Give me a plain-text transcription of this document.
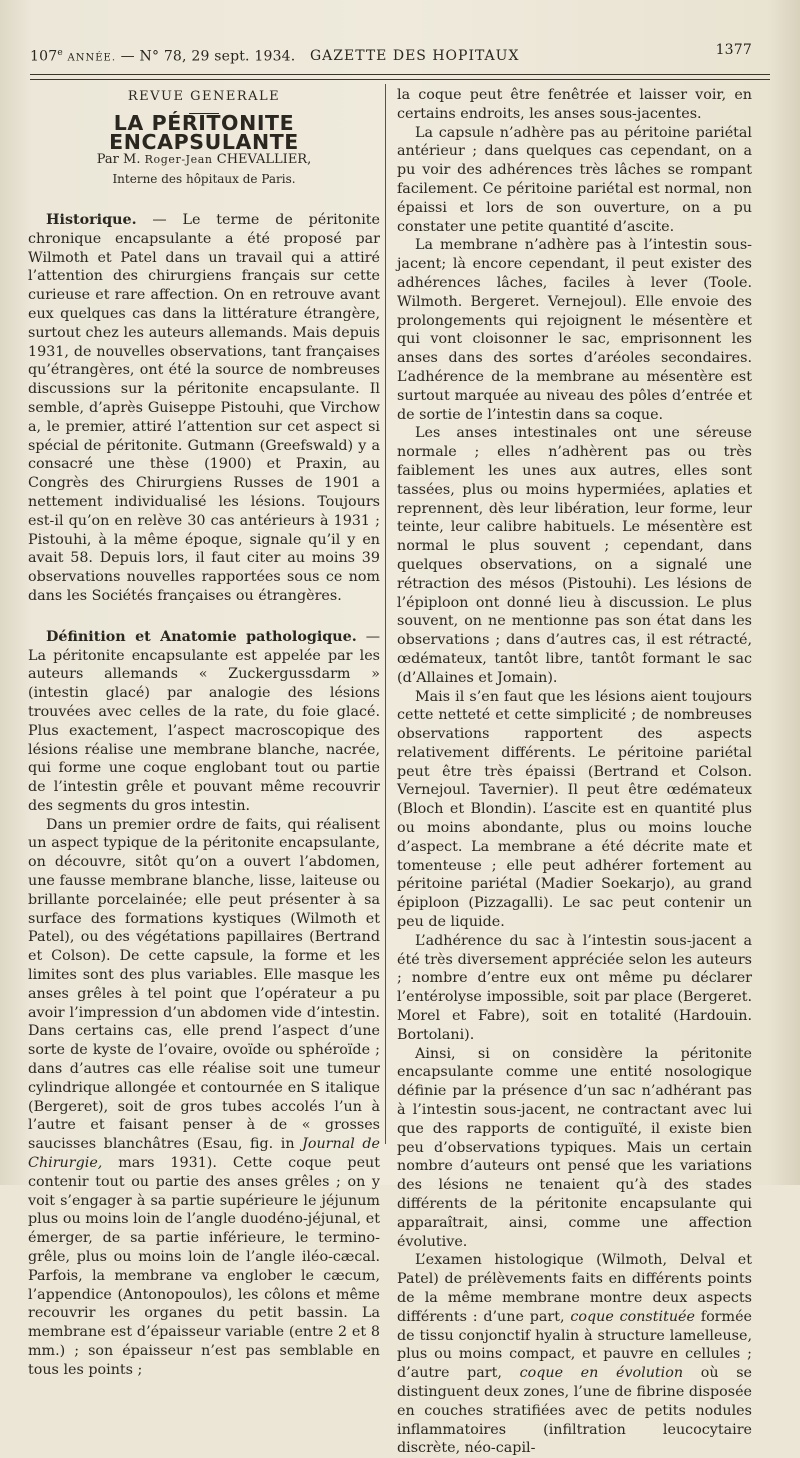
107e ANNÉE. — N° 78, 29 sept. 1934. GAZETTE DES HOPITAUX	1377

REVUE GENERALE

LA PÉRITONITE ENCAPSULANTE

Par M. Roger-Jean CHEVALLIER,

Interne des hôpitaux de Paris.

Historique. — Le terme de péritonite chronique encapsulante a été proposé par Wilmoth et Patel dans un travail qui a attiré l’attention des chirurgiens français sur cette curieuse et rare affection. On en retrouve avant eux quelques cas dans la littérature étrangère, surtout chez les auteurs allemands. Mais depuis 1931, de nouvelles observations, tant françaises qu’étrangères, ont été la source de nombreuses discussions sur la péritonite encapsulante. Il semble, d’après Guiseppe Pistouhi, que Virchow a, le premier, attiré l’attention sur cet aspect si spécial de péritonite. Gutmann (Greefswald) y a consacré une thèse (1900) et Praxin, au Congrès des Chirurgiens Russes de 1901 a nettement individualisé les lésions. Toujours est-il qu’on en relève 30 cas antérieurs à 1931 ; Pistouhi, à la même époque, signale qu’il y en avait 58. Depuis lors, il faut citer au moins 39 observations nouvelles rapportées sous ce nom dans les Sociétés françaises ou étrangères.

Définition et Anatomie pathologique. — La péritonite encapsulante est appelée par les auteurs allemands « Zuckergussdarm » (intestin glacé) par analogie des lésions trouvées avec celles de la rate, du foie glacé. Plus exactement, l’aspect macroscopique des lésions réalise une membrane blanche, nacrée, qui forme une coque englobant tout ou partie de l’intestin grêle et pouvant même recouvrir des segments du gros intestin.

Dans un premier ordre de faits, qui réalisent un aspect typique de la péritonite encapsulante, on découvre, sitôt qu’on a ouvert l’abdomen, une fausse membrane blanche, lisse, laiteuse ou brillante porcelainée; elle peut présenter à sa surface des formations kystiques (Wilmoth et Patel), ou des végétations papillaires (Bertrand et Colson). De cette capsule, la forme et les limites sont des plus variables. Elle masque les anses grêles à tel point que l’opérateur a pu avoir l’impression d’un abdomen vide d’intestin. Dans certains cas, elle prend l’aspect d’une sorte de kyste de l’ovaire, ovoïde ou sphéroïde ; dans d’autres cas elle réalise soit une tumeur cylindrique allongée et contournée en S italique (Bergeret), soit de gros tubes accolés l’un à l’autre et faisant penser à de « grosses saucisses blanchâtres (Esau, fig. in Journal de Chirurgie, mars 1931). Cette coque peut contenir tout ou partie des anses grêles ; on y voit s’engager à sa partie supérieure le jéjunum plus ou moins loin de l’angle duodéno-jéjunal, et émerger, de sa partie inférieure, le termino-grêle, plus ou moins loin de l’angle iléo-cæcal. Parfois, la membrane va englober le cæcum, l’appendice (Antonopoulos), les côlons et même recouvrir les organes du petit bassin. La membrane est d’épaisseur variable (entre 2 et 8 mm.) ; son épaisseur n’est pas semblable en tous les points ;

la coque peut être fenêtrée et laisser voir, en certains endroits, les anses sous-jacentes.

La capsule n’adhère pas au péritoine pariétal antérieur ; dans quelques cas cependant, on a pu voir des adhérences très lâches se rompant facilement. Ce péritoine pariétal est normal, non épaissi et lors de son ouverture, on a pu constater une petite quantité d’ascite.

La membrane n’adhère pas à l’intestin sous-jacent; là encore cependant, il peut exister des adhérences lâches, faciles à lever (Toole. Wilmoth. Bergeret. Vernejoul). Elle envoie des prolongements qui rejoignent le mésentère et qui vont cloisonner le sac, emprisonnent les anses dans des sortes d’aréoles secondaires. L’adhérence de la membrane au mésentère est surtout marquée au niveau des pôles d’entrée et de sortie de l’intestin dans sa coque.

Les anses intestinales ont une séreuse normale ; elles n’adhèrent pas ou très faiblement les unes aux autres, elles sont tassées, plus ou moins hypermiées, aplaties et reprennent, dès leur libération, leur forme, leur teinte, leur calibre habituels. Le mésentère est normal le plus souvent ; cependant, dans quelques observations, on a signalé une rétraction des mésos (Pistouhi). Les lésions de l’épiploon ont donné lieu à discussion. Le plus souvent, on ne mentionne pas son état dans les observations ; dans d’autres cas, il est rétracté, œdémateux, tantôt libre, tantôt formant le sac (d’Allaines et Jomain).

Mais il s’en faut que les lésions aient toujours cette netteté et cette simplicité ; de nombreuses observations rapportent des aspects relativement différents. Le péritoine pariétal peut être très épaissi (Bertrand et Colson. Vernejoul. Tavernier). Il peut être œdémateux (Bloch et Blondin). L’ascite est en quantité plus ou moins abondante, plus ou moins louche d’aspect. La membrane a été décrite mate et tomenteuse ; elle peut adhérer fortement au péritoine pariétal (Madier Soekarjo), au grand épiploon (Pizzagalli). Le sac peut contenir un peu de liquide.

L’adhérence du sac à l’intestin sous-jacent a été très diversement appréciée selon les auteurs ; nombre d’entre eux ont même pu déclarer l’entérolyse impossible, soit par place (Bergeret. Morel et Fabre), soit en totalité (Hardouin. Bortolani).

Ainsi, si on considère la péritonite encapsulante comme une entité nosologique définie par la présence d’un sac n’adhérant pas à l’intestin sous-jacent, ne contractant avec lui que des rapports de contiguïté, il existe bien peu d’observations typiques. Mais un certain nombre d’auteurs ont pensé que les variations des lésions ne tenaient qu’à des stades différents de la péritonite encapsulante qui apparaîtrait, ainsi, comme une affection évolutive.

L’examen histologique (Wilmoth, Delval et Patel) de prélèvements faits en différents points de la même membrane montre deux aspects différents : d’une part, coque constituée formée de tissu conjonctif hyalin à structure lamelleuse, plus ou moins compact, et pauvre en cellules ; d’autre part, coque en évolution où se distinguent deux zones, l’une de fibrine disposée en couches stratifiées avec de petits nodules inflammatoires (infiltration leucocytaire discrète, néo-capil-
